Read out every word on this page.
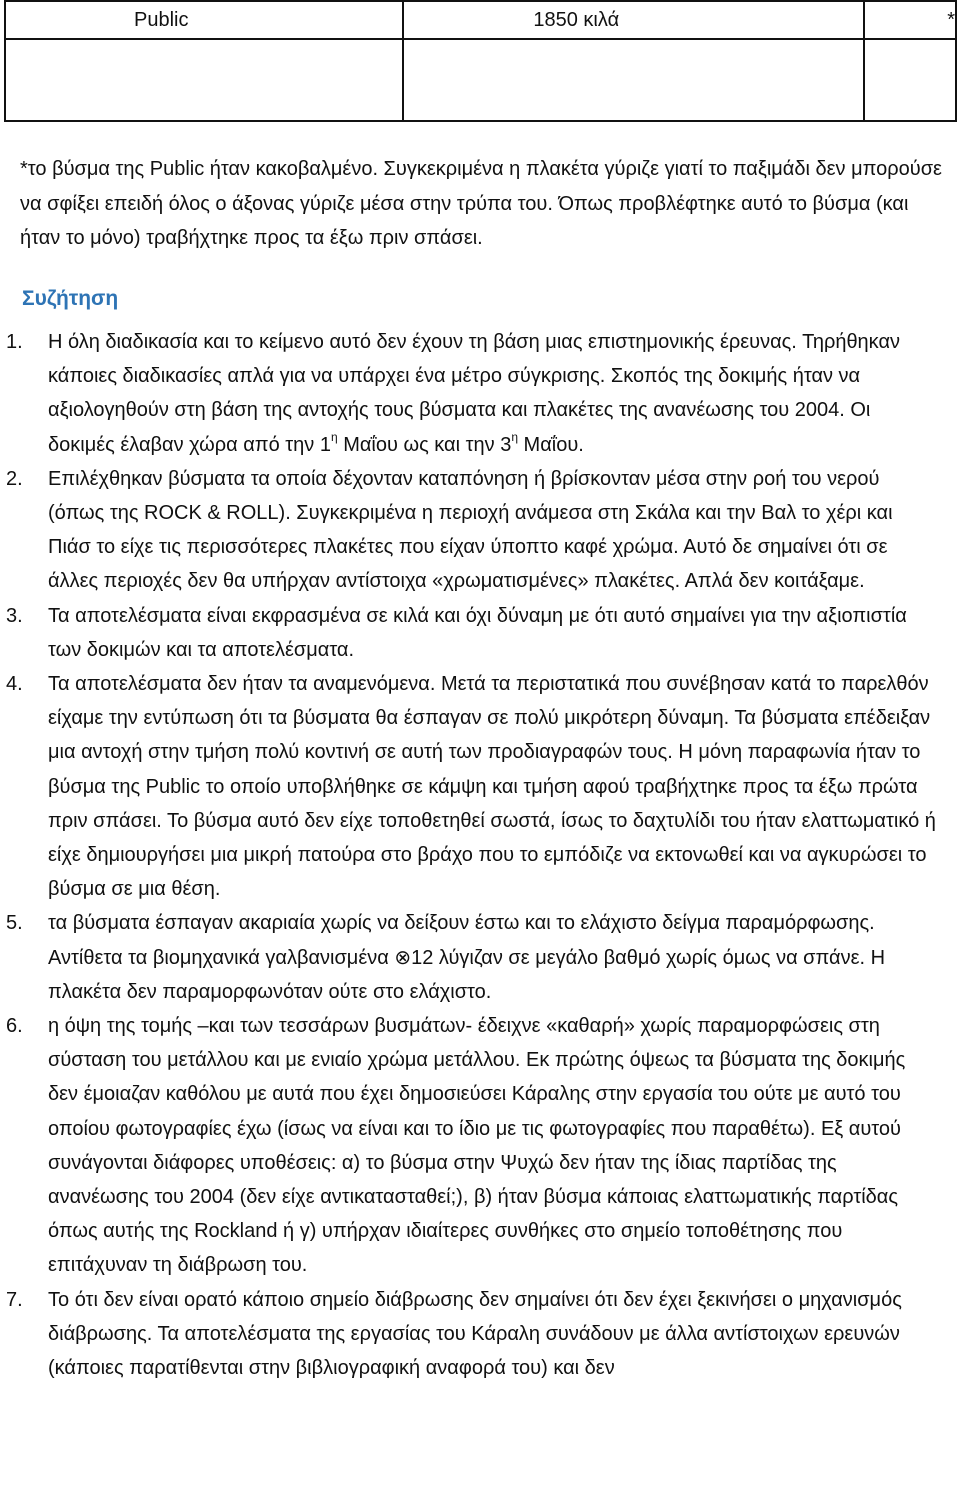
Public	1850 κιλά	*

*το βύσμα της Public ήταν κακοβαλμένο. Συγκεκριμένα η πλακέτα γύριζε γιατί το παξιμάδι δεν μπορούσε να σφίξει επειδή όλος ο άξονας γύριζε μέσα στην τρύπα του. Όπως προβλέφτηκε αυτό το βύσμα (και ήταν το μόνο) τραβήχτηκε προς τα έξω πριν σπάσει.

Συζήτηση
1. Η όλη διαδικασία και το κείμενο αυτό δεν έχουν τη βάση μιας επιστημονικής έρευνας. Τηρήθηκαν κάποιες διαδικασίες απλά για να υπάρχει ένα μέτρο σύγκρισης. Σκοπός της δοκιμής ήταν να αξιολογηθούν στη βάση της αντοχής τους βύσματα και πλακέτες της ανανέωσης του 2004. Οι δοκιμές έλαβαν χώρα από την $1^\eta$ Μαΐου ως και την $3^\eta$ Μαΐου.
2. Επιλέχθηκαν βύσματα τα οποία δέχονταν καταπόνηση ή βρίσκονταν μέσα στην ροή του νερού (όπως της ROCK & ROLL). Συγκεκριμένα η περιοχή ανάμεσα στη Σκάλα και την Βαλ το χέρι και Πιάσ το είχε τις περισσότερες πλακέτες που είχαν ύποπτο καφέ χρώμα. Αυτό δε σημαίνει ότι σε άλλες περιοχές δεν θα υπήρχαν αντίστοιχα «χρωματισμένες» πλακέτες. Απλά δεν κοιτάξαμε.
3. Τα αποτελέσματα είναι εκφρασμένα σε κιλά και όχι δύναμη με ότι αυτό σημαίνει για την αξιοπιστία των δοκιμών και τα αποτελέσματα.
4. Τα αποτελέσματα δεν ήταν τα αναμενόμενα. Μετά τα περιστατικά που συνέβησαν κατά το παρελθόν είχαμε την εντύπωση ότι τα βύσματα θα έσπαγαν σε πολύ μικρότερη δύναμη. Τα βύσματα επέδειξαν μια αντοχή στην τμήση πολύ κοντινή σε αυτή των προδιαγραφών τους. Η μόνη παραφωνία ήταν το βύσμα της Public το οποίο υποβλήθηκε σε κάμψη και τμήση αφού τραβήχτηκε προς τα έξω πρώτα πριν σπάσει. Το βύσμα αυτό δεν είχε τοποθετηθεί σωστά, ίσως το δαχτυλίδι του ήταν ελαττωματικό ή είχε δημιουργήσει μια μικρή πατούρα στο βράχο που το εμπόδιζε να εκτονωθεί και να αγκυρώσει το βύσμα σε μια θέση.
5. τα βύσματα έσπαγαν ακαριαία χωρίς να δείξουν έστω και το ελάχιστο δείγμα παραμόρφωσης. Αντίθετα τα βιομηχανικά γαλβανισμένα ⊗12 λύγιζαν σε μεγάλο βαθμό χωρίς όμως να σπάνε. Η πλακέτα δεν παραμορφωνόταν ούτε στο ελάχιστο.
6. η όψη της τομής –και των τεσσάρων βυσμάτων- έδειχνε «καθαρή» χωρίς παραμορφώσεις στη σύσταση του μετάλλου και με ενιαίο χρώμα μετάλλου. Εκ πρώτης όψεως τα βύσματα της δοκιμής δεν έμοιαζαν καθόλου με αυτά που έχει δημοσιεύσει Κάραλης στην εργασία του ούτε με αυτό του οποίου φωτογραφίες έχω (ίσως να είναι και το ίδιο με τις φωτογραφίες που παραθέτω). Εξ αυτού συνάγονται διάφορες υποθέσεις: α) το βύσμα στην Ψυχώ δεν ήταν της ίδιας παρτίδας της ανανέωσης του 2004 (δεν είχε αντικατασταθεί;), β) ήταν βύσμα κάποιας ελαττωματικής παρτίδας όπως αυτής της Rockland ή γ) υπήρχαν ιδιαίτερες συνθήκες στο σημείο τοποθέτησης που επιτάχυναν τη διάβρωση του.
7. Το ότι δεν είναι ορατό κάποιο σημείο διάβρωσης δεν σημαίνει ότι δεν έχει ξεκινήσει ο μηχανισμός διάβρωσης. Τα αποτελέσματα της εργασίας του Κάραλη συνάδουν με άλλα αντίστοιχων ερευνών (κάποιες παρατίθενται στην βιβλιογραφική αναφορά του) και δεν
